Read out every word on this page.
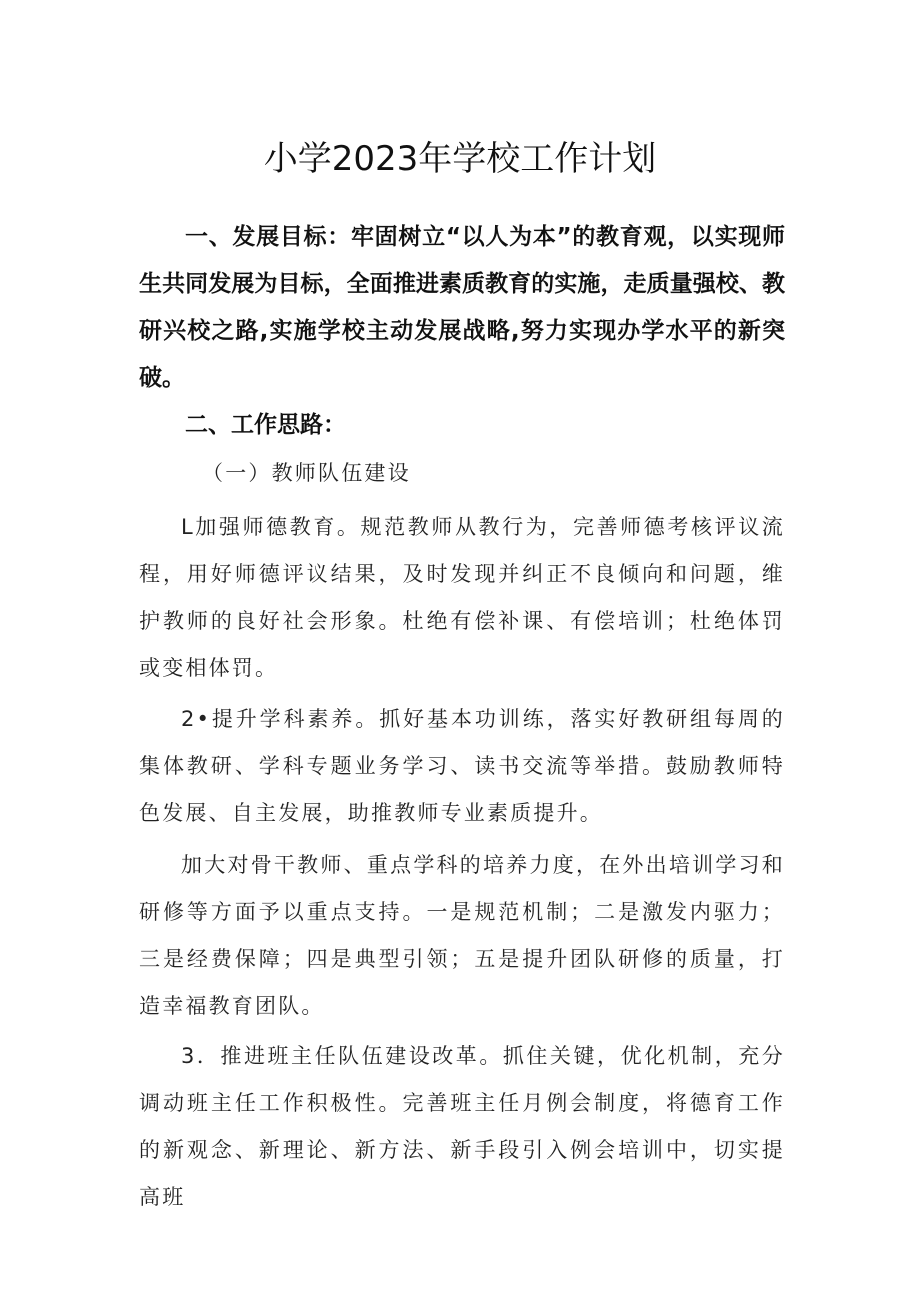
小学2023年学校工作计划

一、发展目标：牢固树立“以人为本”的教育观，以实现师生共同发展为目标，全面推进素质教育的实施，走质量强校、教研兴校之路,实施学校主动发展战略,努力实现办学水平的新突破。

二、工作思路：

（一）教师队伍建设

L加强师德教育。规范教师从教行为，完善师德考核评议流程，用好师德评议结果，及时发现并纠正不良倾向和问题，维护教师的良好社会形象。杜绝有偿补课、有偿培训；杜绝体罚或变相体罚。

2•提升学科素养。抓好基本功训练，落实好教研组每周的集体教研、学科专题业务学习、读书交流等举措。鼓励教师特色发展、自主发展，助推教师专业素质提升。

加大对骨干教师、重点学科的培养力度，在外出培训学习和研修等方面予以重点支持。一是规范机制；二是激发内驱力；三是经费保障；四是典型引领；五是提升团队研修的质量，打造幸福教育团队。

3．推进班主任队伍建设改革。抓住关键，优化机制，充分调动班主任工作积极性。完善班主任月例会制度，将德育工作的新观念、新理论、新方法、新手段引入例会培训中，切实提高班
